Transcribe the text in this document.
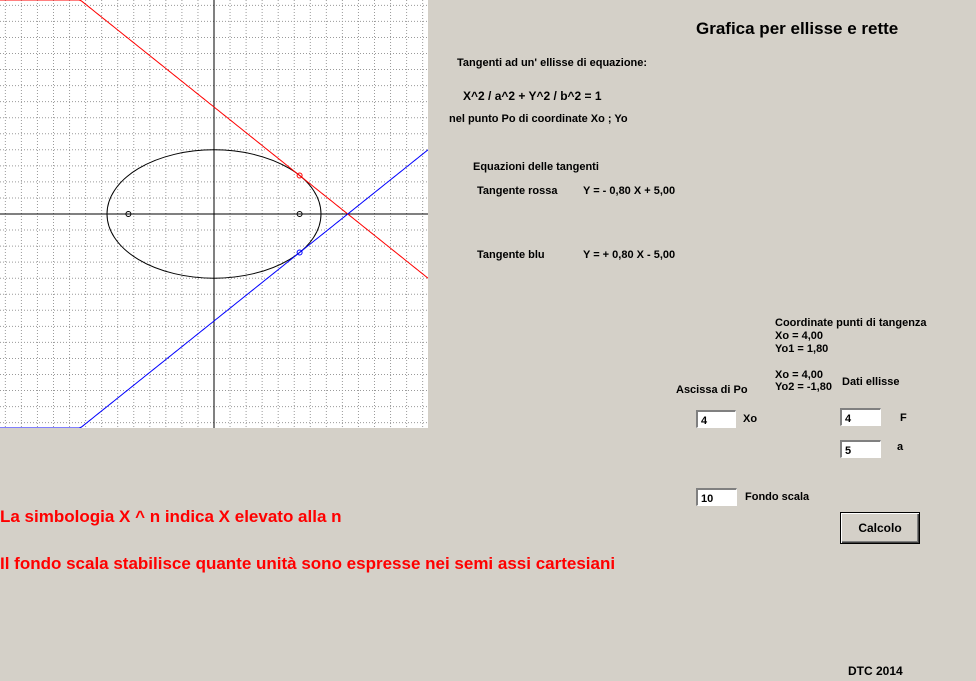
Grafica per ellisse e rette
Tangenti ad un' ellisse di equazione:
X^2 / a^2 + Y^2 / b^2 = 1
nel punto Po di coordinate Xo ; Yo
Equazioni delle tangenti
Tangente rossa Y = - 0,80 X + 5,00
Tangente blu	Y = + 0,80 X - 5,00
Coordinate punti di tangenza
Xo = 4,00
Yo1 = 1,80
Xo = 4,00
Yo2 = -1,80
Ascissa di Po
Dati ellisse
4
Xo
4	F
5
a
10
Fondo scala
Calcolo
La simbologia X ^ n indica X elevato alla n
Il fondo scala stabilisce quante unità sono espresse nei semi assi cartesiani
DTC 2014
